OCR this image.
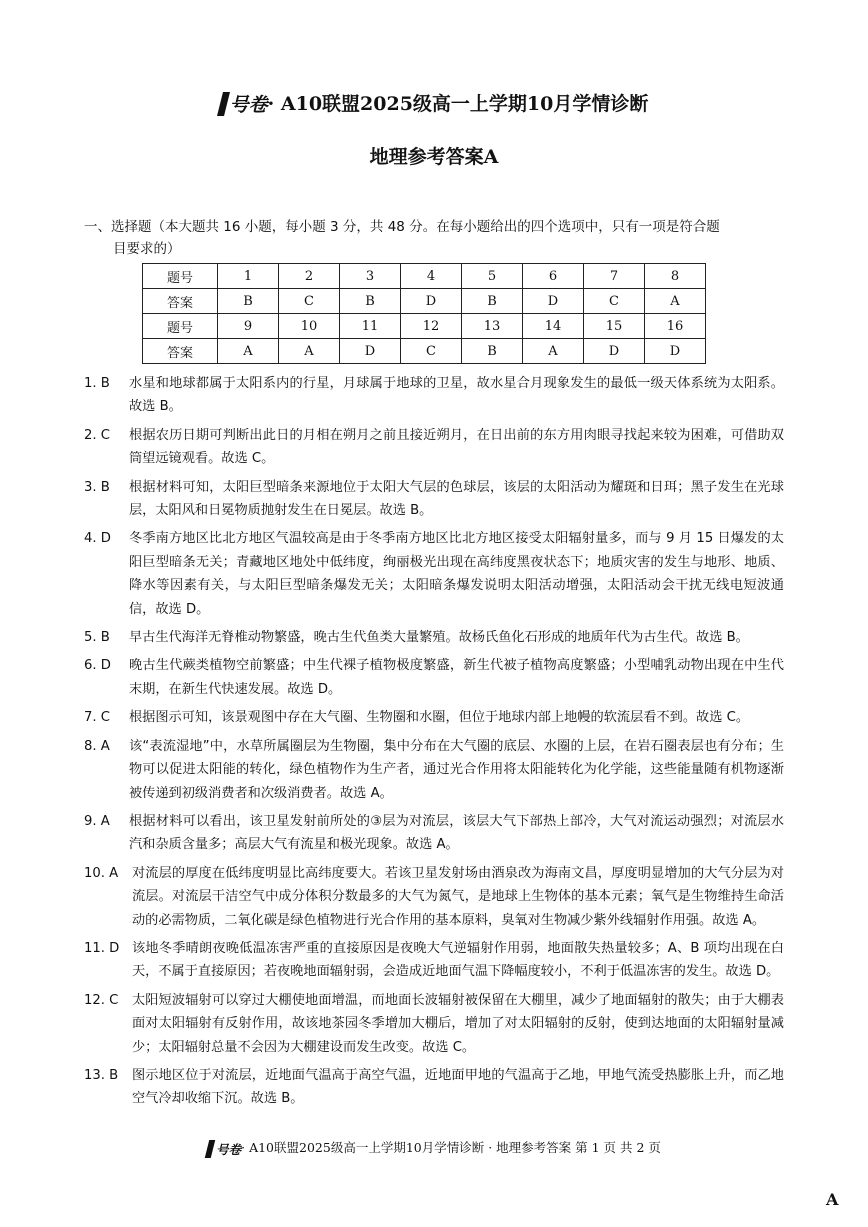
号卷· A10联盟2025级高一上学期10月学情诊断
地理参考答案A
一、选择题（本大题共 16 小题，每小题 3 分，共 48 分。在每小题给出的四个选项中，只有一项是符合题
目要求的）
题号	1	2	3	4	5	6	7	8
答案	B	C	B	D	B	D	C	A
题号	9	10	11	12	13	14	15	16
答案	A	A	D	C	B	A	D	D
1. B	水星和地球都属于太阳系内的行星，月球属于地球的卫星，故水星合月现象发生的最低一级天体系统为太阳系。故选 B。
2. C	根据农历日期可判断出此日的月相在朔月之前且接近朔月，在日出前的东方用肉眼寻找起来较为困难，可借助双筒望远镜观看。故选 C。
3. B	根据材料可知，太阳巨型暗条来源地位于太阳大气层的色球层，该层的太阳活动为耀斑和日珥；黑子发生在光球层，太阳风和日冕物质抛射发生在日冕层。故选 B。
4. D	冬季南方地区比北方地区气温较高是由于冬季南方地区比北方地区接受太阳辐射量多，而与 9 月 15 日爆发的太阳巨型暗条无关；青藏地区地处中低纬度，绚丽极光出现在高纬度黑夜状态下；地质灾害的发生与地形、地质、降水等因素有关，与太阳巨型暗条爆发无关；太阳暗条爆发说明太阳活动增强，太阳活动会干扰无线电短波通信，故选 D。
5. B	早古生代海洋无脊椎动物繁盛，晚古生代鱼类大量繁殖。故杨氏鱼化石形成的地质年代为古生代。故选 B。
6. D	晚古生代蕨类植物空前繁盛；中生代裸子植物极度繁盛，新生代被子植物高度繁盛；小型哺乳动物出现在中生代末期，在新生代快速发展。故选 D。
7. C	根据图示可知，该景观图中存在大气圈、生物圈和水圈，但位于地球内部上地幔的软流层看不到。故选 C。
8. A	该“表流湿地”中，水草所属圈层为生物圈，集中分布在大气圈的底层、水圈的上层，在岩石圈表层也有分布；生物可以促进太阳能的转化，绿色植物作为生产者，通过光合作用将太阳能转化为化学能，这些能量随有机物逐渐被传递到初级消费者和次级消费者。故选 A。
9. A	根据材料可以看出，该卫星发射前所处的③层为对流层，该层大气下部热上部冷，大气对流运动强烈；对流层水汽和杂质含量多；高层大气有流星和极光现象。故选 A。
10. A	对流层的厚度在低纬度明显比高纬度要大。若该卫星发射场由酒泉改为海南文昌，厚度明显增加的大气分层为对流层。对流层干洁空气中成分体积分数最多的大气为氮气，是地球上生物体的基本元素；氧气是生物维持生命活动的必需物质，二氧化碳是绿色植物进行光合作用的基本原料，臭氧对生物减少紫外线辐射作用强。故选 A。
11. D 该地冬季晴朗夜晚低温冻害严重的直接原因是夜晚大气逆辐射作用弱，地面散失热量较多；A、B 项均出现在白天，不属于直接原因；若夜晚地面辐射弱，会造成近地面气温下降幅度较小，不利于低温冻害的发生。故选 D。
12. C	太阳短波辐射可以穿过大棚使地面增温，而地面长波辐射被保留在大棚里，减少了地面辐射的散失；由于大棚表面对太阳辐射有反射作用，故该地茶园冬季增加大棚后，增加了对太阳辐射的反射，使到达地面的太阳辐射量减少；太阳辐射总量不会因为大棚建设而发生改变。故选 C。
13. B	图示地区位于对流层，近地面气温高于高空气温，近地面甲地的气温高于乙地，甲地气流受热膨胀上升，而乙地空气冷却收缩下沉。故选 B。
号卷· A10联盟2025级高一上学期10月学情诊断 · 地理参考答案 第 1 页 共 2 页
A
